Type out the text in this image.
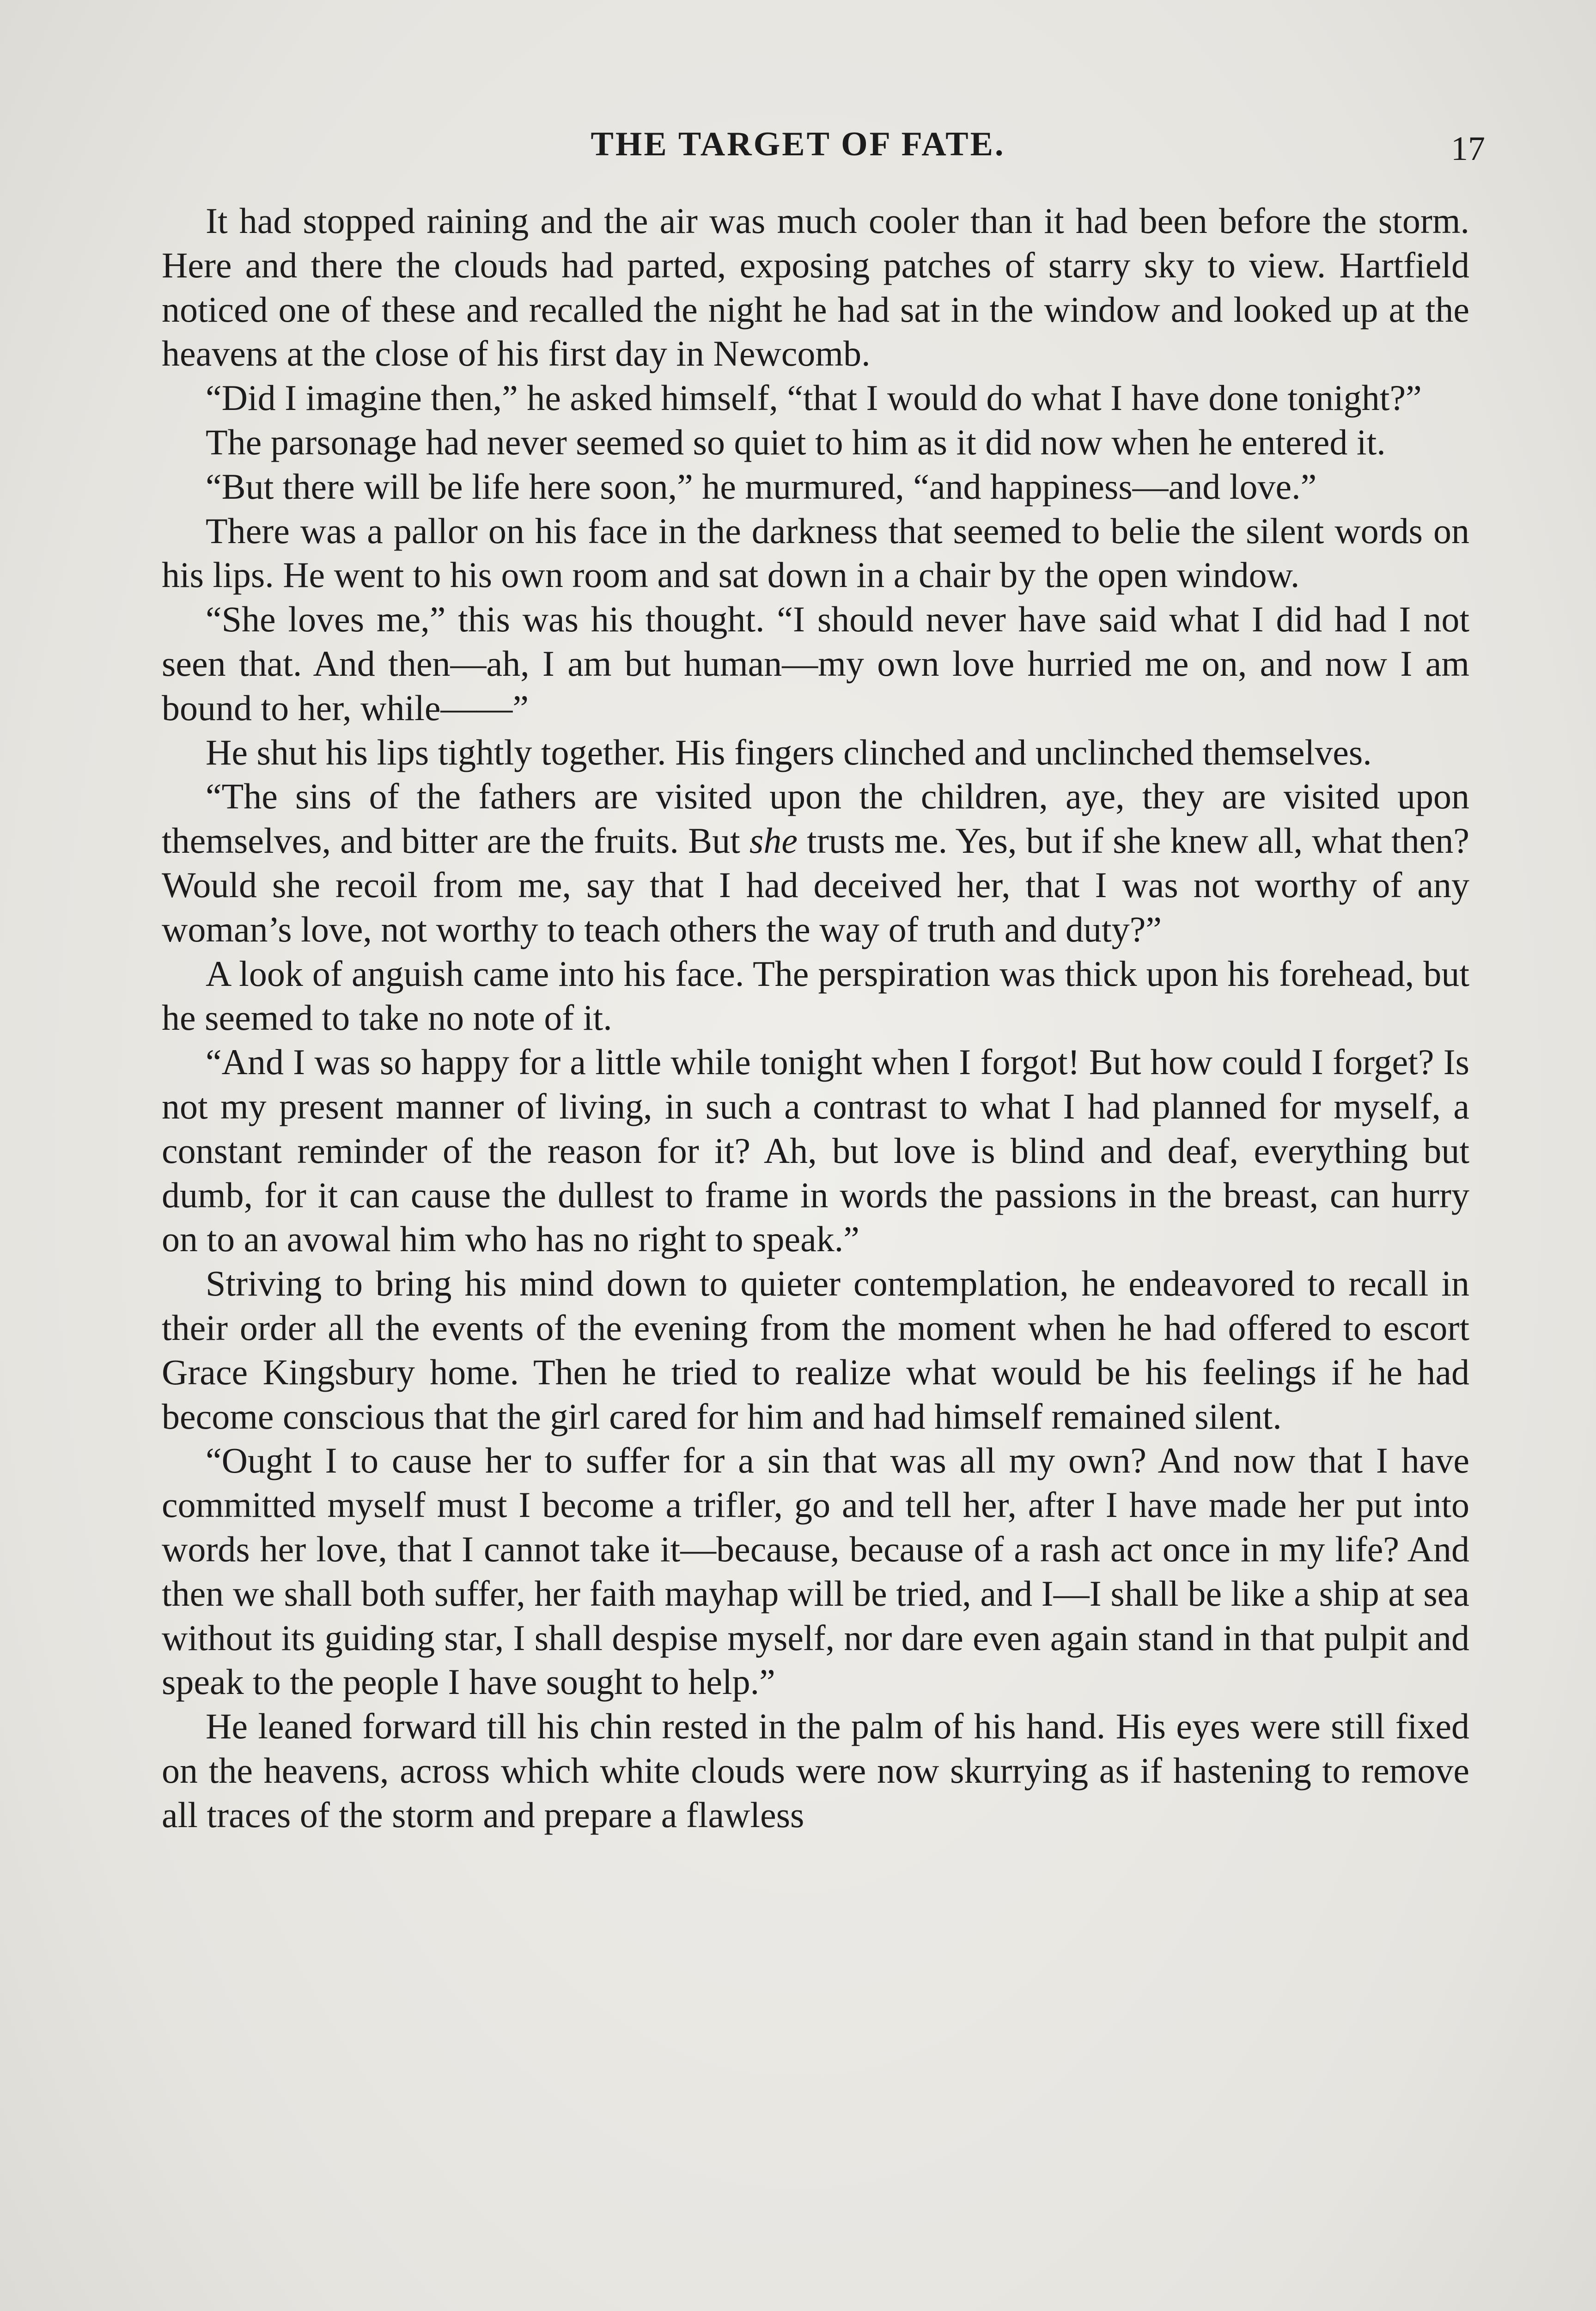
THE TARGET OF FATE.	17

It had stopped raining and the air was much cooler than it had been before the storm. Here and there the clouds had parted, exposing patches of starry sky to view. Hartfield noticed one of these and recalled the night he had sat in the window and looked up at the heavens at the close of his first day in Newcomb.

“Did I imagine then,” he asked himself, “that I would do what I have done tonight?”

The parsonage had never seemed so quiet to him as it did now when he entered it.

“But there will be life here soon,” he murmured, “and happiness—and love.”

There was a pallor on his face in the darkness that seemed to belie the silent words on his lips. He went to his own room and sat down in a chair by the open window.

“She loves me,” this was his thought. “I should never have said what I did had I not seen that. And then—ah, I am but human—my own love hurried me on, and now I am bound to her, while——”

He shut his lips tightly together. His fingers clinched and unclinched themselves.

“The sins of the fathers are visited upon the children, aye, they are visited upon themselves, and bitter are the fruits. But she trusts me. Yes, but if she knew all, what then? Would she recoil from me, say that I had deceived her, that I was not worthy of any woman’s love, not worthy to teach others the way of truth and duty?”

A look of anguish came into his face. The perspiration was thick upon his forehead, but he seemed to take no note of it.

“And I was so happy for a little while tonight when I forgot! But how could I forget? Is not my present manner of living, in such a contrast to what I had planned for myself, a constant reminder of the reason for it? Ah, but love is blind and deaf, everything but dumb, for it can cause the dullest to frame in words the passions in the breast, can hurry on to an avowal him who has no right to speak.”

Striving to bring his mind down to quieter contemplation, he endeavored to recall in their order all the events of the evening from the moment when he had offered to escort Grace Kingsbury home. Then he tried to realize what would be his feelings if he had become conscious that the girl cared for him and had himself remained silent.

“Ought I to cause her to suffer for a sin that was all my own? And now that I have committed myself must I become a trifler, go and tell her, after I have made her put into words her love, that I cannot take it—because, because of a rash act once in my life? And then we shall both suffer, her faith mayhap will be tried, and I—I shall be like a ship at sea without its guiding star, I shall despise myself, nor dare even again stand in that pulpit and speak to the people I have sought to help.”

He leaned forward till his chin rested in the palm of his hand. His eyes were still fixed on the heavens, across which white clouds were now skurrying as if hastening to remove all traces of the storm and prepare a flawless
